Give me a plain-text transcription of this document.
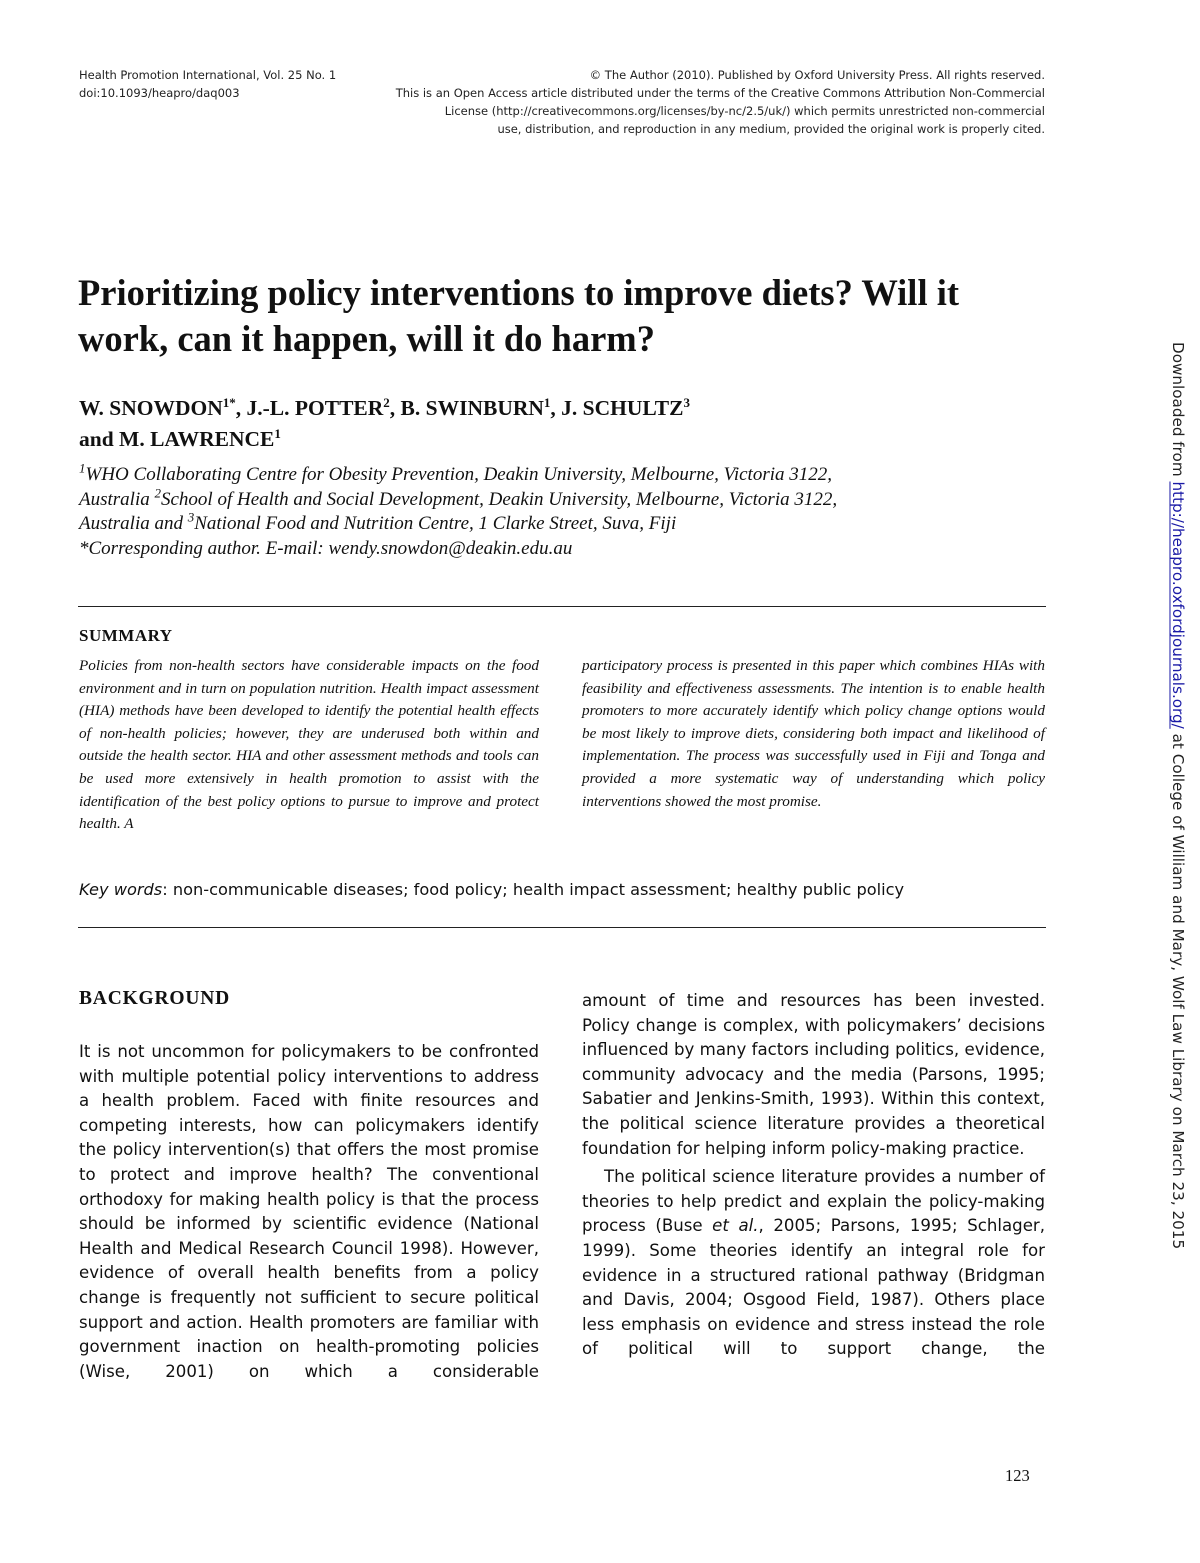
Health Promotion International, Vol. 25 No. 1
doi:10.1093/heapro/daq003
© The Author (2010). Published by Oxford University Press. All rights reserved.
This is an Open Access article distributed under the terms of the Creative Commons Attribution Non-Commercial
License (http://creativecommons.org/licenses/by-nc/2.5/uk/) which permits unrestricted non-commercial
use, distribution, and reproduction in any medium, provided the original work is properly cited.
Prioritizing policy interventions to improve diets? Will it work, can it happen, will it do harm?
W. $SNOWDON^{1*}$, J.-L. POTTER$^2$, B. SWINBURN$^1$, J. SCHULTZ$^3$
and M. LAWRENCE$^1$
$^1$WHO Collaborating Centre for Obesity Prevention, Deakin University, Melbourne, Victoria 3122,
Australia $^2$School of Health and Social Development, Deakin University, Melbourne, Victoria 3122,
Australia and $^3$National Food and Nutrition Centre, 1 Clarke Street, Suva, Fiji
*Corresponding author. E-mail: wendy.snowdon@deakin.edu.au
SUMMARY

Policies from non-health sectors have considerable impacts on the food environment and in turn on population nutrition. Health impact assessment (HIA) methods have been developed to identify the potential health effects of non-health policies; however, they are underused both within and outside the health sector. HIA and other assessment methods and tools can be used more extensively in health promotion to assist with the identification of the best policy options to pursue to improve and protect health. A

participatory process is presented in this paper which combines HIAs with feasibility and effectiveness assessments. The intention is to enable health promoters to more accurately identify which policy change options would be most likely to improve diets, considering both impact and likelihood of implementation. The process was successfully used in Fiji and Tonga and provided a more systematic way of understanding which policy interventions showed the most promise.

Key words: non-communicable diseases; food policy; health impact assessment; healthy public policy
BACKGROUND

It is not uncommon for policymakers to be confronted with multiple potential policy interventions to address a health problem. Faced with finite resources and competing interests, how can policymakers identify the policy intervention(s) that offers the most promise to protect and improve health? The conventional orthodoxy for making health policy is that the process should be informed by scientific evidence (National Health and Medical Research Council 1998). However, evidence of overall health benefits from a policy change is frequently not sufficient to secure political support and action. Health promoters are familiar with government inaction on health-promoting policies (Wise, 2001) on which a considerable

amount of time and resources has been invested. Policy change is complex, with policymakers’ decisions influenced by many factors including politics, evidence, community advocacy and the media (Parsons, 1995; Sabatier and Jenkins-Smith, 1993). Within this context, the political science literature provides a theoretical foundation for helping inform policy-making practice.

The political science literature provides a number of theories to help predict and explain the policy-making process (Buse et al., 2005; Parsons, 1995; Schlager, 1999). Some theories identify an integral role for evidence in a structured rational pathway (Bridgman and Davis, 2004; Osgood Field, 1987). Others place less emphasis on evidence and stress instead the role of political will to support change, the

123
Downloaded from http://heapro.oxfordjournals.org/ at College of William and Mary, Wolf Law Library on March 23, 2015
